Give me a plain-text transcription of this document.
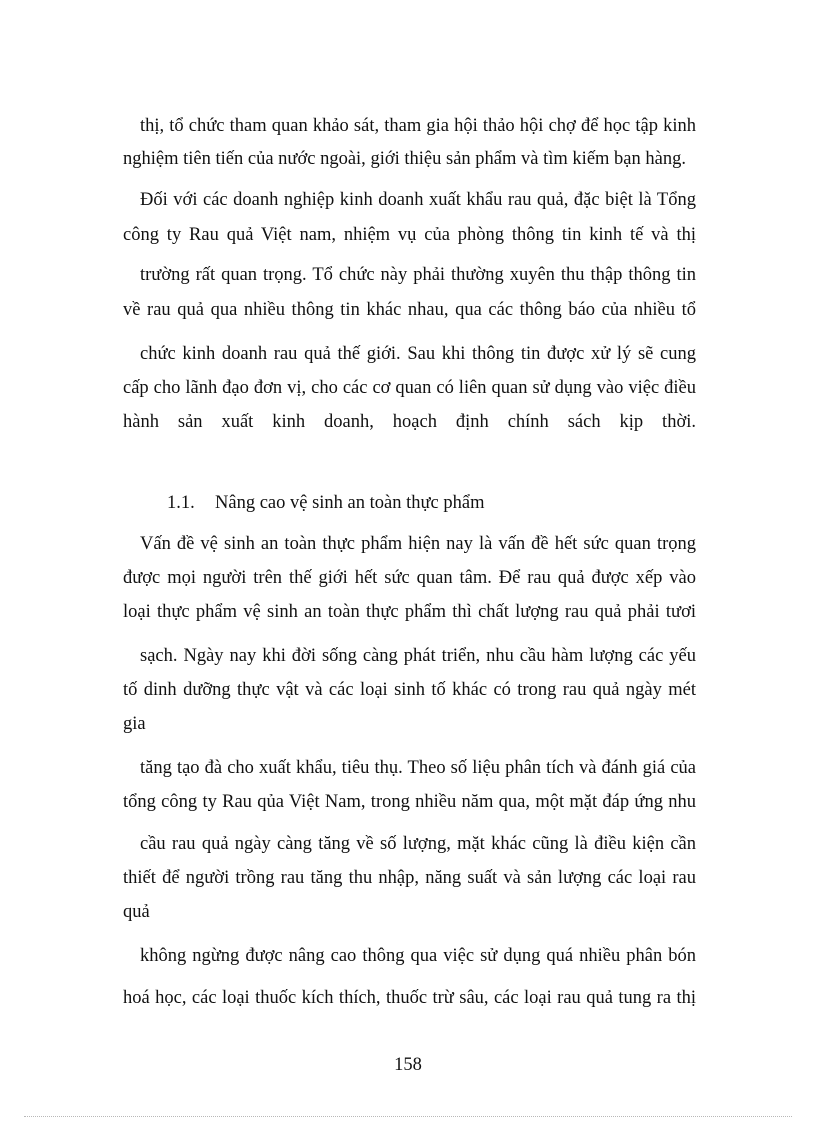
thị, tổ chức tham quan khảo sát, tham gia hội thảo hội chợ để học tập kinh

nghiệm tiên tiến của nước ngoài, giới thiệu sản phẩm và tìm kiếm bạn hàng.

Đối với các doanh nghiệp kinh doanh xuất khẩu rau quả, đặc biệt là Tổng

công ty Rau quả Việt nam, nhiệm vụ của phòng thông tin kinh tế và thị

trường rất quan trọng. Tổ chức này phải thường xuyên thu thập thông tin

về rau quả qua nhiều thông tin khác nhau, qua các thông báo của nhiều tổ

chức kinh doanh rau quả thế giới. Sau khi thông tin được xử lý sẽ cung

cấp cho lãnh đạo đơn vị, cho các cơ quan có liên quan sử dụng vào việc điều

hành sản xuất kinh doanh, hoạch định chính sách kịp thời.

1.1. Nâng cao vệ sinh an toàn thực phẩm

Vấn đề vệ sinh an toàn thực phẩm hiện nay là vấn đề hết sức quan trọng

được mọi người trên thế giới hết sức quan tâm. Để rau quả được xếp vào

loại thực phẩm vệ sinh an toàn thực phẩm thì chất lượng rau quả phải tươi

sạch. Ngày nay khi đời sống càng phát triển, nhu cầu hàm lượng các yếu

tố dinh dưỡng thực vật và các loại sinh tố khác có trong rau quả ngày mét

gia

tăng tạo đà cho xuất khẩu, tiêu thụ. Theo số liệu phân tích và đánh giá của

tổng công ty Rau qủa Việt Nam, trong nhiều năm qua, một mặt đáp ứng nhu

cầu rau quả ngày càng tăng về số lượng, mặt khác cũng là điều kiện cần

thiết để người trồng rau tăng thu nhập, năng suất và sản lượng các loại rau

quả

không ngừng được nâng cao thông qua việc sử dụng quá nhiều phân bón

hoá học, các loại thuốc kích thích, thuốc trừ sâu, các loại rau quả tung ra thị

158
